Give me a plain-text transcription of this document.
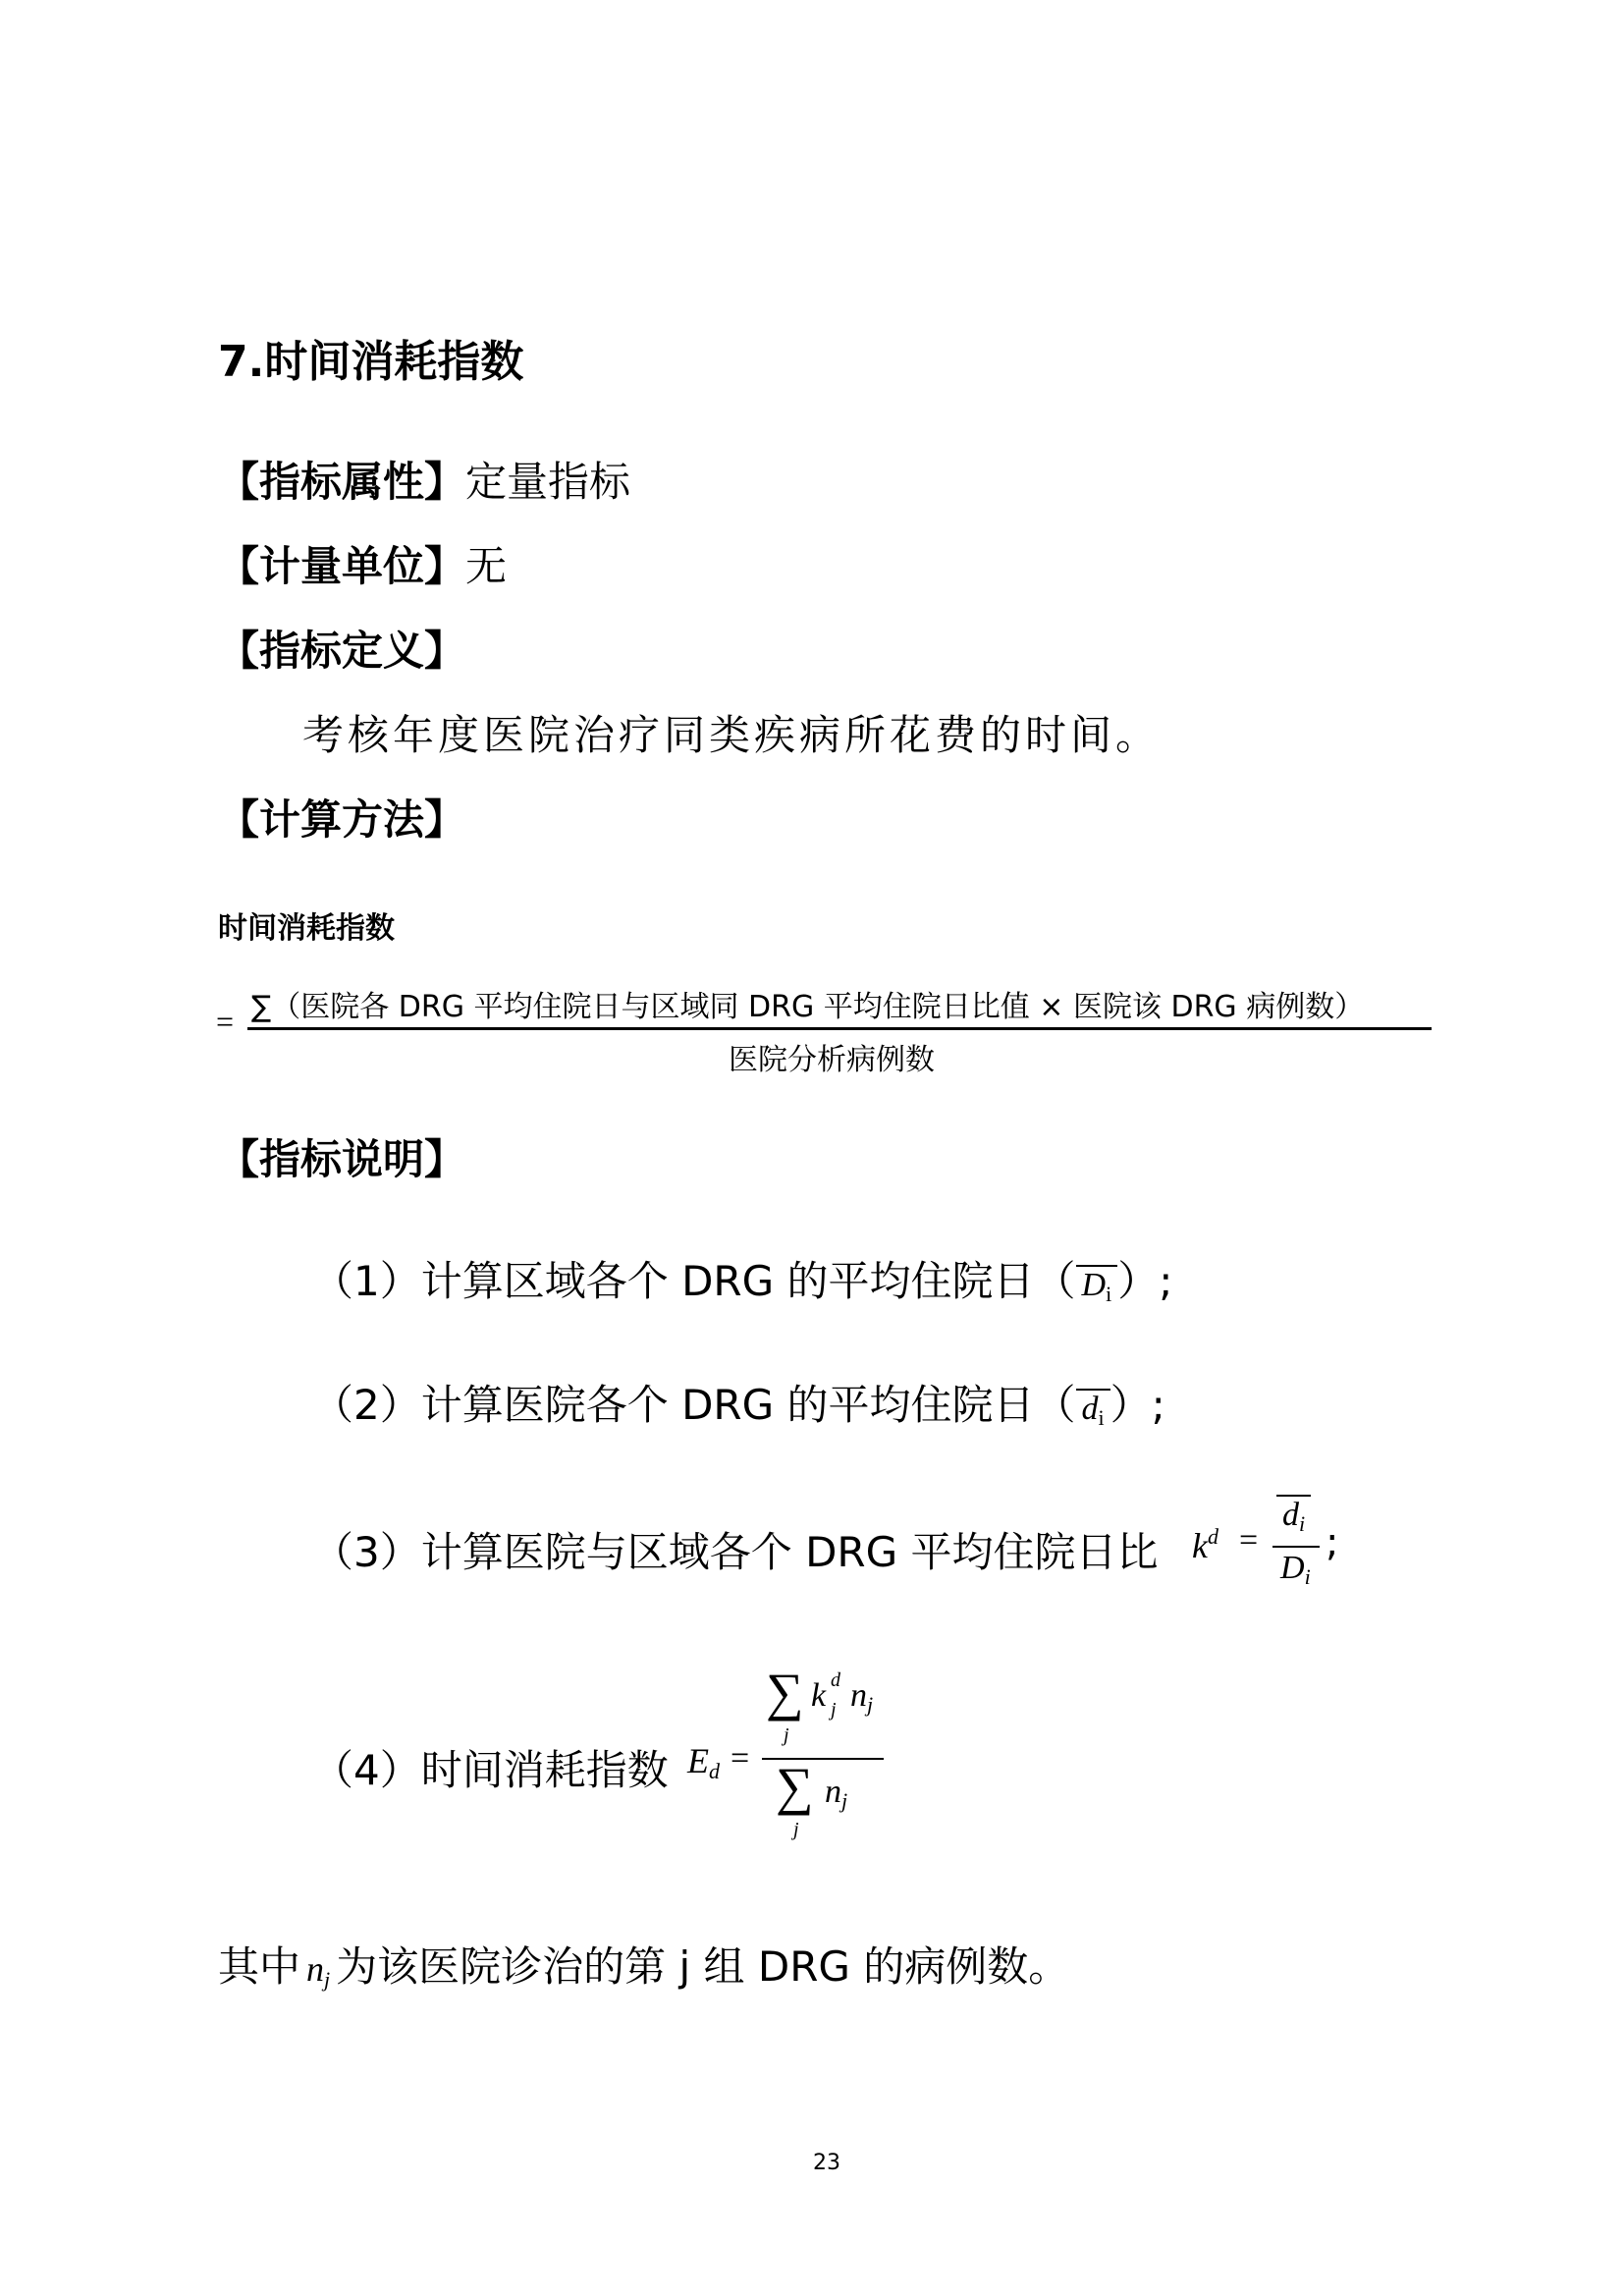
7.时间消耗指数
【指标属性】定量指标
【计量单位】无
【指标定义】
考核年度医院治疗同类疾病所花费的时间。
【计算方法】
时间消耗指数
= ∑（医院各 DRG 平均住院日与区域同 DRG 平均住院日比值 × 医院该 DRG 病例数）
医院分析病例数
【指标说明】
（1）计算区域各个 DRG 的平均住院日（ $D_i$ ）;
（2）计算医院各个 DRG 的平均住院日（ $d_i$ ）;
（3）计算医院与区域各个 DRG 平均住院日比 $k^d$ =
$d_i$
$D_i$
;
（4）时间消耗指数 $E_d$ =
∑
j
k d
j $n_j$
∑
j
$n_j$
其中 $n_j$ 为该医院诊治的第 j 组 DRG 的病例数。
23
